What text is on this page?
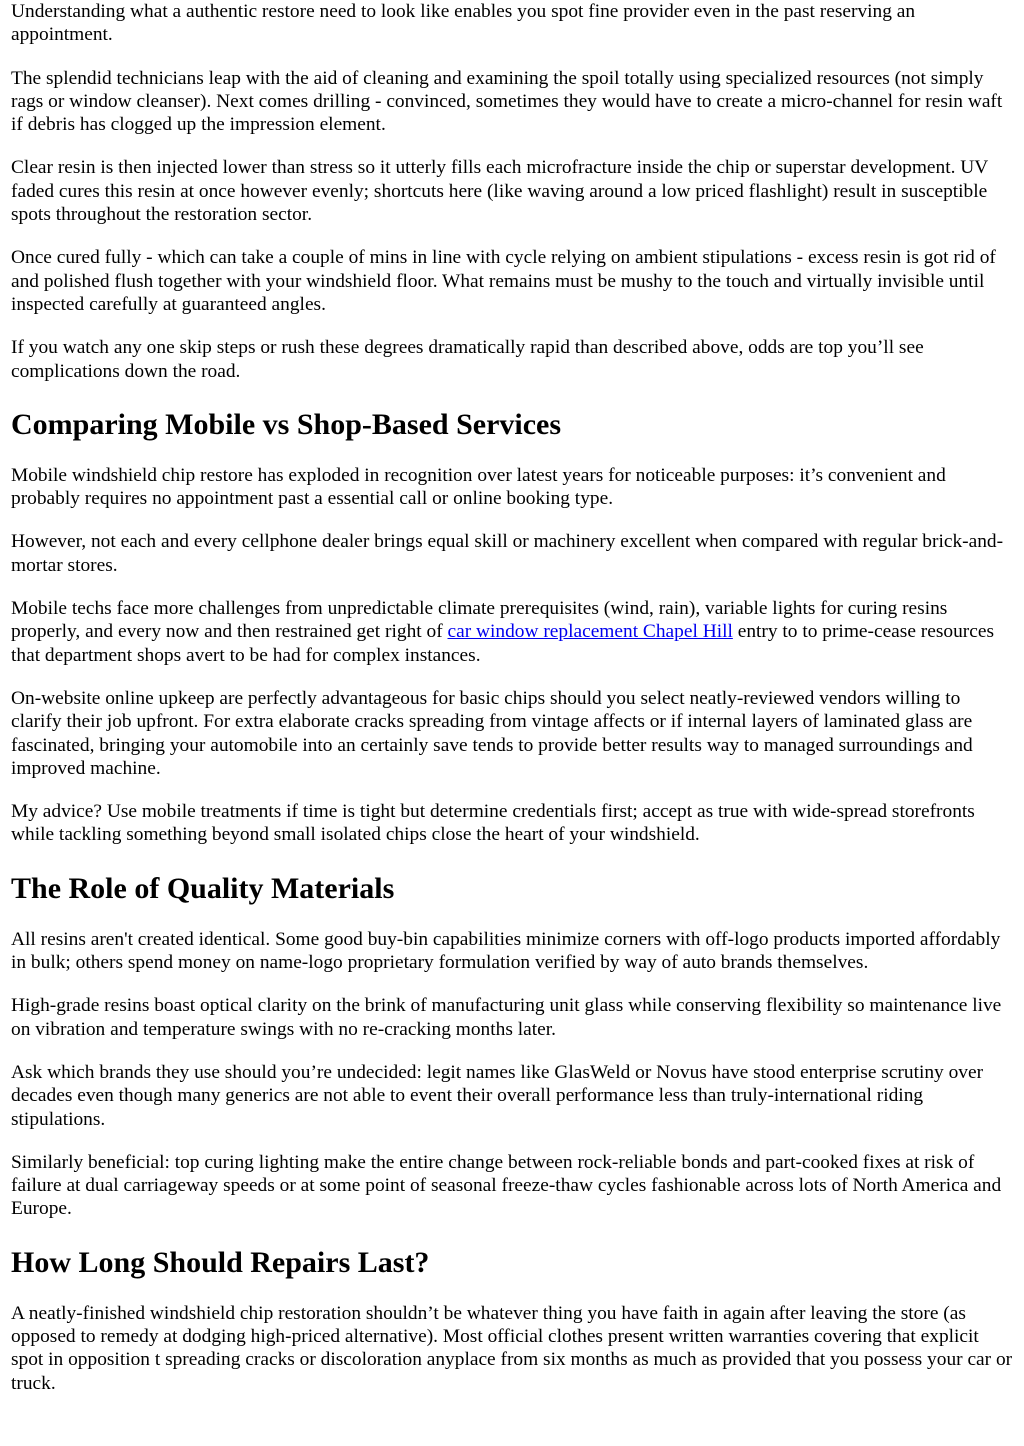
Understanding what a authentic restore need to look like enables you spot fine provider even in the past reserving an appointment.

The splendid technicians leap with the aid of cleaning and examining the spoil totally using specialized resources (not simply rags or window cleanser). Next comes drilling - convinced, sometimes they would have to create a micro-channel for resin waft if debris has clogged up the impression element.

Clear resin is then injected lower than stress so it utterly fills each microfracture inside the chip or superstar development. UV faded cures this resin at once however evenly; shortcuts here (like waving around a low priced flashlight) result in susceptible spots throughout the restoration sector.

Once cured fully - which can take a couple of mins in line with cycle relying on ambient stipulations - excess resin is got rid of and polished flush together with your windshield floor. What remains must be mushy to the touch and virtually invisible until inspected carefully at guaranteed angles.

If you watch any one skip steps or rush these degrees dramatically rapid than described above, odds are top you’ll see complications down the road.

Comparing Mobile vs Shop-Based Services

Mobile windshield chip restore has exploded in recognition over latest years for noticeable purposes: it’s convenient and probably requires no appointment past a essential call or online booking type.

However, not each and every cellphone dealer brings equal skill or machinery excellent when compared with regular brick-and-mortar stores.

Mobile techs face more challenges from unpredictable climate prerequisites (wind, rain), variable lights for curing resins properly, and every now and then restrained get right of car window replacement Chapel Hill entry to to prime-cease resources that department shops avert to be had for complex instances.

On-website online upkeep are perfectly advantageous for basic chips should you select neatly-reviewed vendors willing to clarify their job upfront. For extra elaborate cracks spreading from vintage affects or if internal layers of laminated glass are fascinated, bringing your automobile into an certainly save tends to provide better results way to managed surroundings and improved machine.

My advice? Use mobile treatments if time is tight but determine credentials first; accept as true with wide-spread storefronts while tackling something beyond small isolated chips close the heart of your windshield.

The Role of Quality Materials

All resins aren't created identical. Some good buy-bin capabilities minimize corners with off-logo products imported affordably in bulk; others spend money on name-logo proprietary formulation verified by way of auto brands themselves.

High-grade resins boast optical clarity on the brink of manufacturing unit glass while conserving flexibility so maintenance live on vibration and temperature swings with no re-cracking months later.

Ask which brands they use should you’re undecided: legit names like GlasWeld or Novus have stood enterprise scrutiny over decades even though many generics are not able to event their overall performance less than truly-international riding stipulations.

Similarly beneficial: top curing lighting make the entire change between rock-reliable bonds and part-cooked fixes at risk of failure at dual carriageway speeds or at some point of seasonal freeze-thaw cycles fashionable across lots of North America and Europe.

How Long Should Repairs Last?

A neatly-finished windshield chip restoration shouldn’t be whatever thing you have faith in again after leaving the store (as opposed to remedy at dodging high-priced alternative). Most official clothes present written warranties covering that explicit spot in opposition t spreading cracks or discoloration anyplace from six months as much as provided that you possess your car or truck.
